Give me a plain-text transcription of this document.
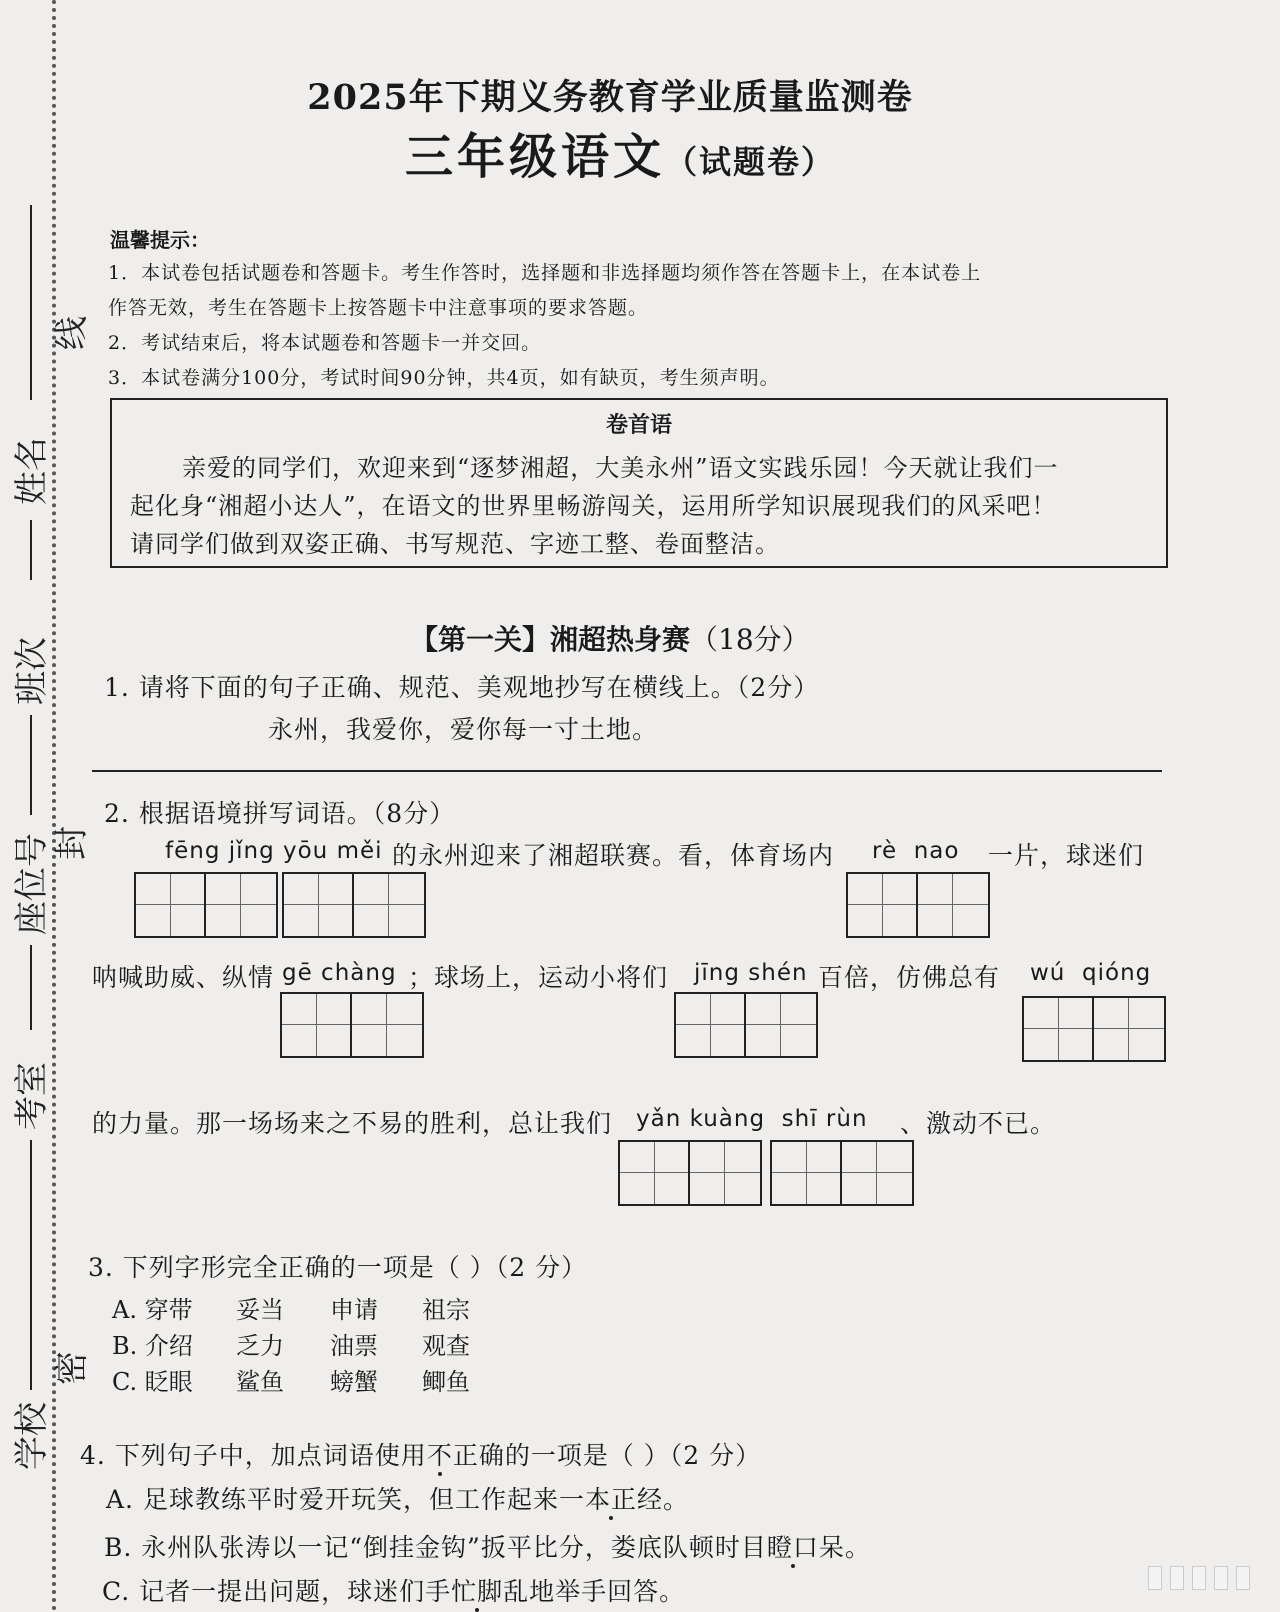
姓名
班次
座位号
考室
学校
线
封
密
2025年下期义务教育学业质量监测卷
三年级语文（试题卷）
温馨提示：
1．本试卷包括试题卷和答题卡。考生作答时，选择题和非选择题均须作答在答题卡上，在本试卷上
作答无效，考生在答题卡上按答题卡中注意事项的要求答题。
2．考试结束后，将本试题卷和答题卡一并交回。
3．本试卷满分100分，考试时间90分钟，共4页，如有缺页，考生须声明。
卷首语
亲爱的同学们，欢迎来到“逐梦湘超，大美永州”语文实践乐园！今天就让我们一
起化身“湘超小达人”，在语文的世界里畅游闯关，运用所学知识展现我们的风采吧！
请同学们做到双姿正确、书写规范、字迹工整、卷面整洁。
【第一关】湘超热身赛（18分）
1. 请将下面的句子正确、规范、美观地抄写在横线上。（2分）
永州，我爱你，爱你每一寸土地。
2. 根据语境拼写词语。（8分）
fēng jǐng yōu měi 的永州迎来了湘超联赛。看，体育场内 rè  nao 一片，球迷们
呐喊助威、纵情 gē chàng ；球场上，运动小将们 jīng shén 百倍，仿佛总有 wú  qióng
的力量。那一场场来之不易的胜利，总让我们 yǎn kuàng  shī rùn 、激动不已。
3. 下列字形完全正确的一项是（ ）（2 分）
A. 穿带 妥当 申请 祖宗
B. 介绍 乏力 油票 观查
C. 眨眼 鲨鱼 螃蟹 鲫鱼
4. 下列句子中，加点词语使用不正确的一项是（ ）（2 分）
A. 足球教练平时爱开玩笑，但工作起来一本正经。
B. 永州队张涛以一记“倒挂金钩”扳平比分，娄底队顿时目瞪口呆。
C. 记者一提出问题，球迷们手忙脚乱地举手回答。
